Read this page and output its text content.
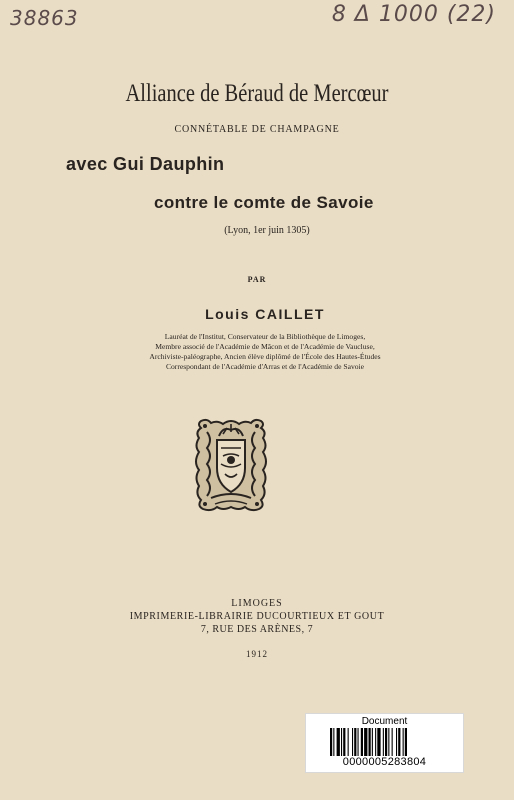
38863	8 Δ 1000 (22)
Alliance de Béraud de Mercœur
CONNÉTABLE DE CHAMPAGNE
avec Gui Dauphin
contre le comte de Savoie
(Lyon, 1er juin 1305)
PAR
Louis CAILLET
Lauréat de l'Institut, Conservateur de la Bibliothèque de Limoges,
Membre associé de l'Académie de Mâcon et de l'Académie de Vaucluse,
Archiviste-paléographe, Ancien élève diplômé de l'École des Hautes-Études
Correspondant de l'Académie d'Arras et de l'Académie de Savoie
LIMOGES
IMPRIMERIE-LIBRAIRIE DUCOURTIEUX ET GOUT
7, RUE DES ARÈNES, 7
1912
Document
0000005283804
